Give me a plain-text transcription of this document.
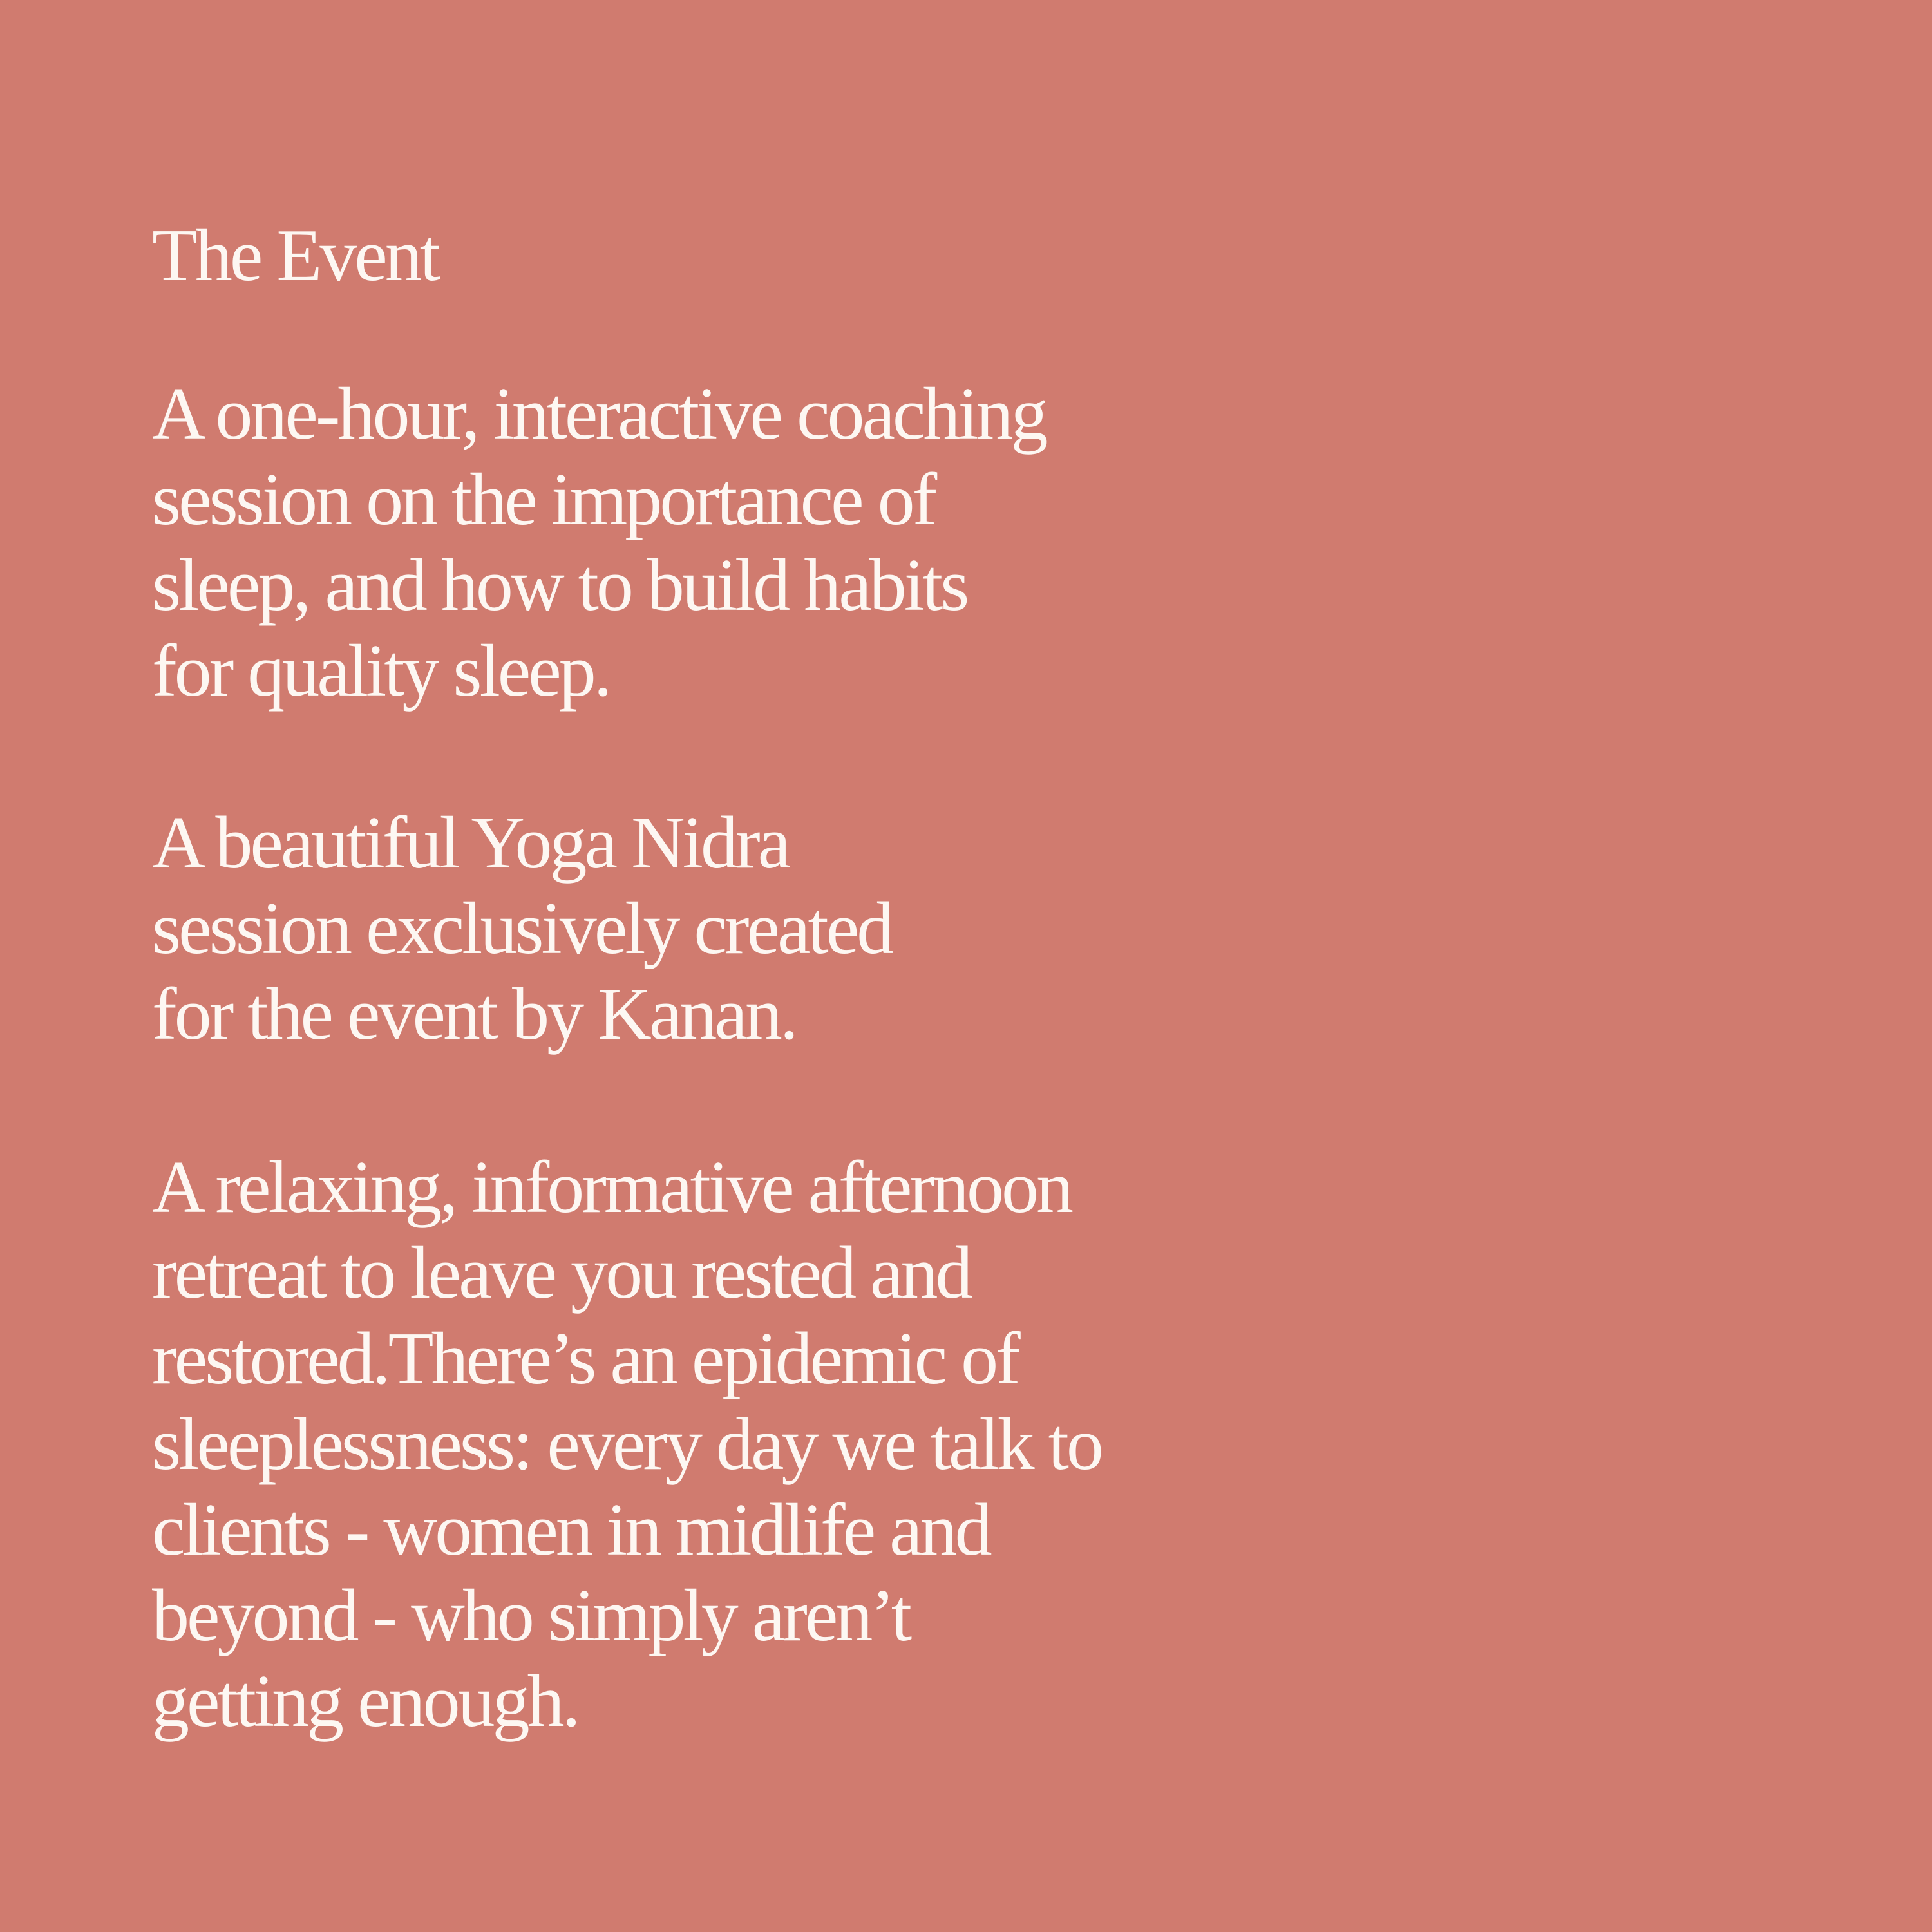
The Event

A one-hour, interactive coaching
session on the importance of
sleep, and how to build habits
for quality sleep.

A beautiful Yoga Nidra
session exclusively created
for the event by Kanan.

A relaxing, informative afternoon
retreat to leave you rested and
restored.There’s an epidemic of
sleeplessness: every day we talk to
clients - women in midlife and
beyond - who simply aren’t
getting enough.
